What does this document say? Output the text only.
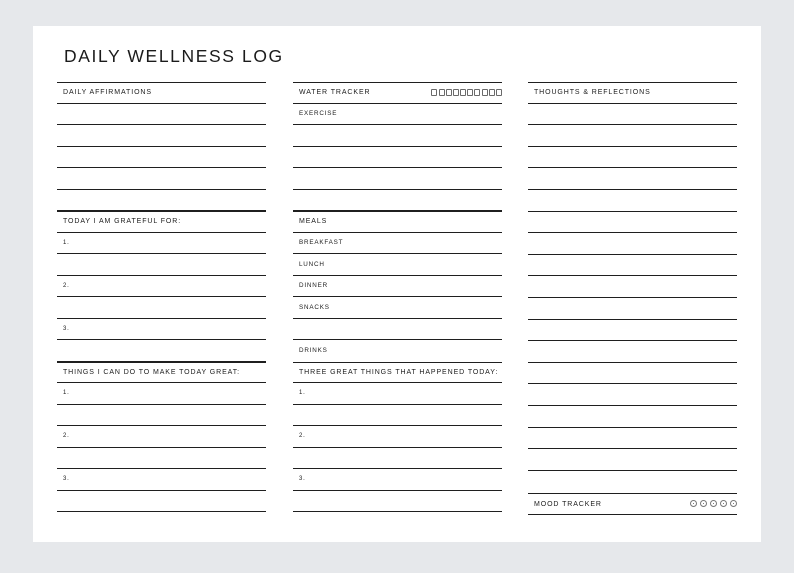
DAILY WELLNESS LOG
DAILY AFFIRMATIONS
TODAY I AM GRATEFUL FOR:
1.
2.
3.
THINGS I CAN DO TO MAKE TODAY GREAT:
1.
2.
3.
WATER TRACKER
EXERCISE
MEALS
BREAKFAST
LUNCH
DINNER
SNACKS
DRINKS
THREE GREAT THINGS THAT HAPPENED TODAY:
1.
2.
3.
THOUGHTS & REFLECTIONS
MOOD TRACKER
